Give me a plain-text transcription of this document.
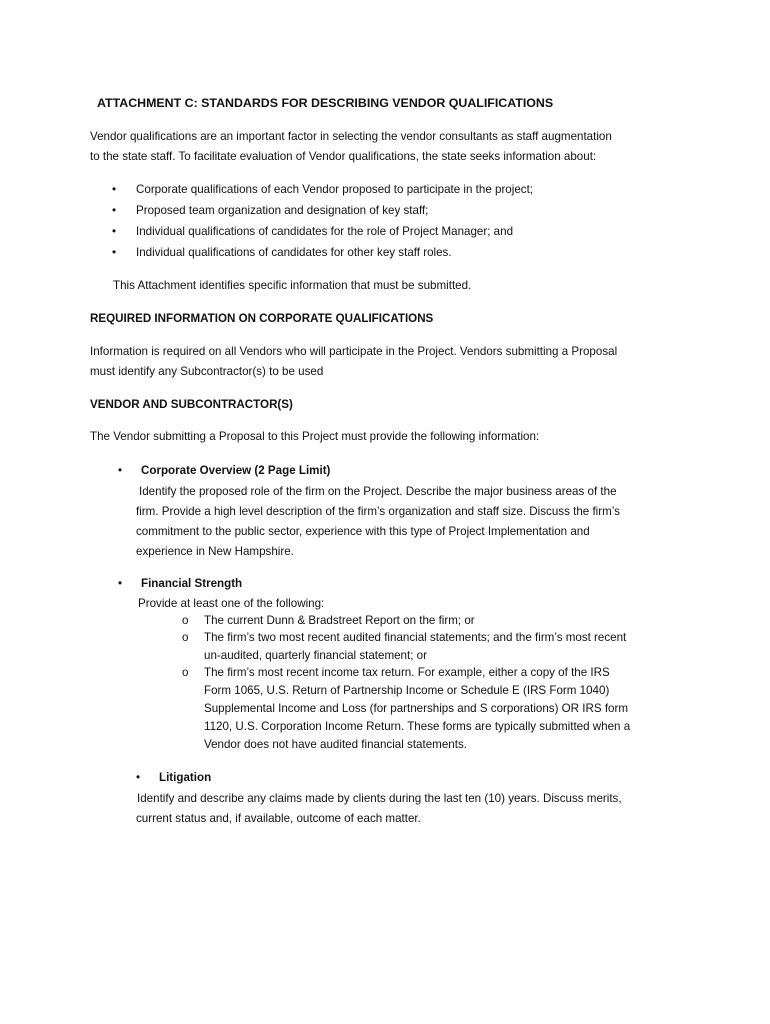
ATTACHMENT C: STANDARDS FOR DESCRIBING VENDOR QUALIFICATIONS

Vendor qualifications are an important factor in selecting the vendor consultants as staff augmentation

to the state staff. To facilitate evaluation of Vendor qualifications, the state seeks information about:

• Corporate qualifications of each Vendor proposed to participate in the project;
• Proposed team organization and designation of key staff;
• Individual qualifications of candidates for the role of Project Manager; and
• Individual qualifications of candidates for other key staff roles.

This Attachment identifies specific information that must be submitted.

REQUIRED INFORMATION ON CORPORATE QUALIFICATIONS

Information is required on all Vendors who will participate in the Project. Vendors submitting a Proposal

must identify any Subcontractor(s) to be used

VENDOR AND SUBCONTRACTOR(S)

The Vendor submitting a Proposal to this Project must provide the following information:

• Corporate Overview (2 Page Limit)
Identify the proposed role of the firm on the Project. Describe the major business areas of the
firm. Provide a high level description of the firm’s organization and staff size. Discuss the firm’s
commitment to the public sector, experience with this type of Project Implementation and
experience in New Hampshire.
• Financial Strength
Provide at least one of the following:
o The current Dunn & Bradstreet Report on the firm; or
o The firm’s two most recent audited financial statements; and the firm’s most recent
un-audited, quarterly financial statement; or
o The firm’s most recent income tax return. For example, either a copy of the IRS
Form 1065, U.S. Return of Partnership Income or Schedule E (IRS Form 1040)
Supplemental Income and Loss (for partnerships and S corporations) OR IRS form
1120, U.S. Corporation Income Return. These forms are typically submitted when a
Vendor does not have audited financial statements.
• Litigation
Identify and describe any claims made by clients during the last ten (10) years. Discuss merits,
current status and, if available, outcome of each matter.
